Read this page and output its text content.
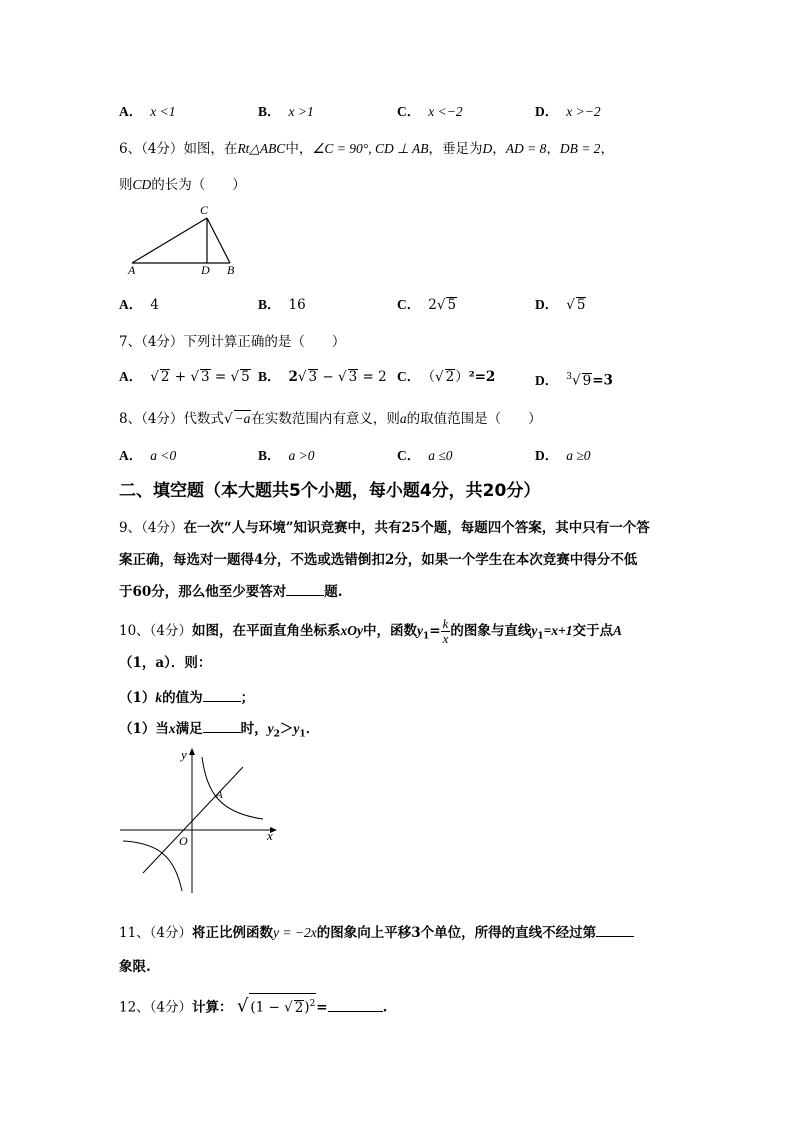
A． x <1	B． x >1	C． x <−2	D． x >−2
6、（4分）如图，在Rt△ABC中，∠C = 90°, CD ⊥ AB，垂足为D，AD = 8，DB = 2，
则CD的长为（　　）
C
A	D B
A． 4	B． 16	C． 2√ 5	D． √ 5
7、（4分）下列计算正确的是（　　）
A． √ 2 + √ 3 = √ 5 B． 2√ 3 − √ 3 = 2 C． （√ 2）²=2	D． $^3$√ 9=3
8、（4分）代数式√ −a在实数范围内有意义，则a的取值范围是（　　）
A． a <0	B． a >0	C． a ≤0	D． a ≥0
二、填空题（本大题共5个小题，每小题4分，共20分）
9、（4分）在一次“人与环境”知识竞赛中，共有25个题，每题四个答案，其中只有一个答
案正确，每选对一题得4分，不选或选错倒扣2分，如果一个学生在本次竞赛中得分不低
于60分，那么他至少要答对	题.
10、（4分）如图，在平面直角坐标系xOy中，函数$y_1= \frac{k}{x}$ 的图象与直线$y_1=x+1$交于点A
（1，a）．则：
（1）k的值为	；
（1）当x满足	时，$y_2>y_1$．
y
x
O
A
11、（4分）将正比例函数y = −2x的图象向上平移3个单位，所得的直线不经过第
象限.
12、（4分）计算： √ (1 − √ 2)$^2$=	.
